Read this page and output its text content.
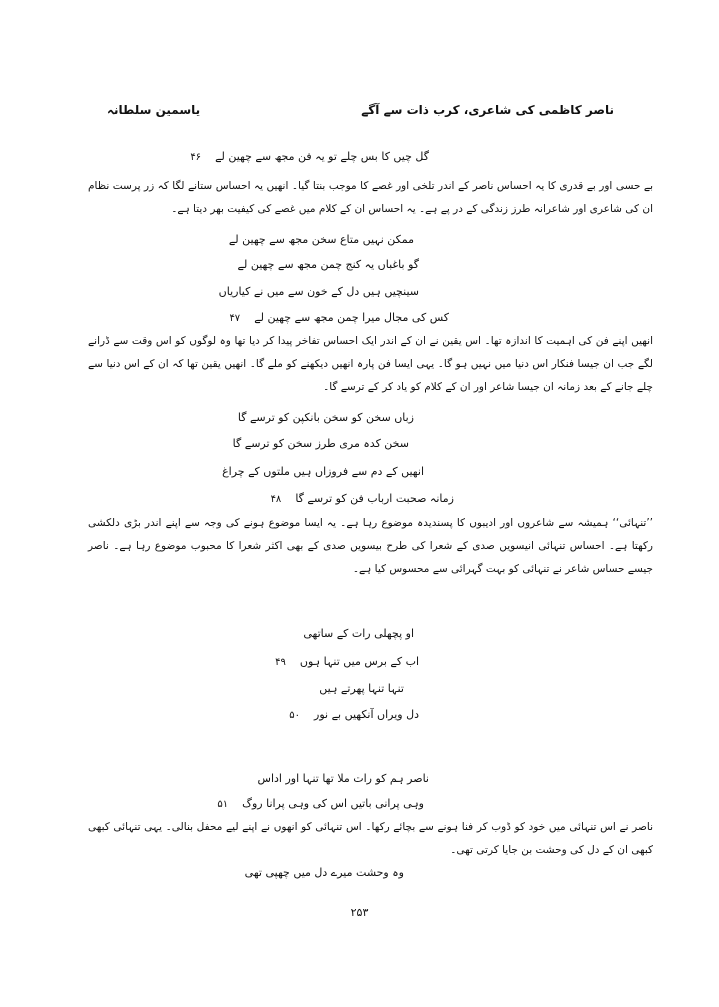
ناصر کاظمی کی شاعری، کرب ذات سے آگے
یاسمین سلطانہ
گل چیں کا بس چلے تو یہ فن مجھ سے چھین لے۴۶
بے حسی اور بے قدری کا یہ احساس ناصر کے اندر تلخی اور غصے کا موجب بنتا گیا۔ انھیں یہ احساس ستانے لگا کہ زر پرست نظام ان کی شاعری اور شاعرانہ طرز زندگی کے در پے ہے۔ یہ احساس ان کے کلام میں غصے کی کیفیت بھر دیتا ہے۔
ممکن نہیں متاع سخن مجھ سے چھین لے
گو باغباں یہ کنج چمن مجھ سے چھین لے
سینچیں ہیں دل کے خون سے میں نے کیاریاں
کس کی مجال میرا چمن مجھ سے چھین لے۴۷
انھیں اپنے فن کی اہمیت کا اندازہ تھا۔ اس یقین نے ان کے اندر ایک احساس تفاخر پیدا کر دیا تھا وہ لوگوں کو اس وقت سے ڈرانے لگے جب ان جیسا فنکار اس دنیا میں نہیں ہو گا۔ یہی ایسا فن پارہ انھیں دیکھنے کو ملے گا۔ انھیں یقین تھا کہ ان کے اس دنیا سے چلے جانے کے بعد زمانہ ان جیسا شاعر اور ان کے کلام کو یاد کر کے ترسے گا۔
زباں سخن کو سخن بانکپن کو ترسے گا
سخن کدہ مری طرز سخن کو ترسے گا
انھیں کے دم سے فروزاں ہیں ملتوں کے چراغ
زمانہ صحبت ارباب فن کو ترسے گا۴۸
’’تنہائی‘‘ ہمیشہ سے شاعروں اور ادیبوں کا پسندیدہ موضوع رہا ہے۔ یہ ایسا موضوع ہونے کی وجہ سے اپنے اندر بڑی دلکشی رکھتا ہے۔ احساس تنہائی انیسویں صدی کے شعرا کی طرح بیسویں صدی کے بھی اکثر شعرا کا محبوب موضوع رہا ہے۔ ناصر جیسے حساس شاعر نے تنہائی کو بہت گہرائی سے محسوس کیا ہے۔
او پچھلی رات کے ساتھی
اب کے برس میں تنہا ہوں۴۹
تنہا تنہا پھرتے ہیں
دل ویراں آنکھیں بے نور۵۰
ناصر ہم کو رات ملا تھا تنہا اور اداس
وہی پرانی باتیں اس کی وہی پرانا روگ۵۱
ناصر نے اس تنہائی میں خود کو ڈوب کر فنا ہونے سے بچائے رکھا۔ اس تنہائی کو انھوں نے اپنے لیے محفل بنالی۔ یہی تنہائی کبھی کبھی ان کے دل کی وحشت بن جایا کرتی تھی۔
وہ وحشت میرے دل میں چھپی تھی
۲۵۳
